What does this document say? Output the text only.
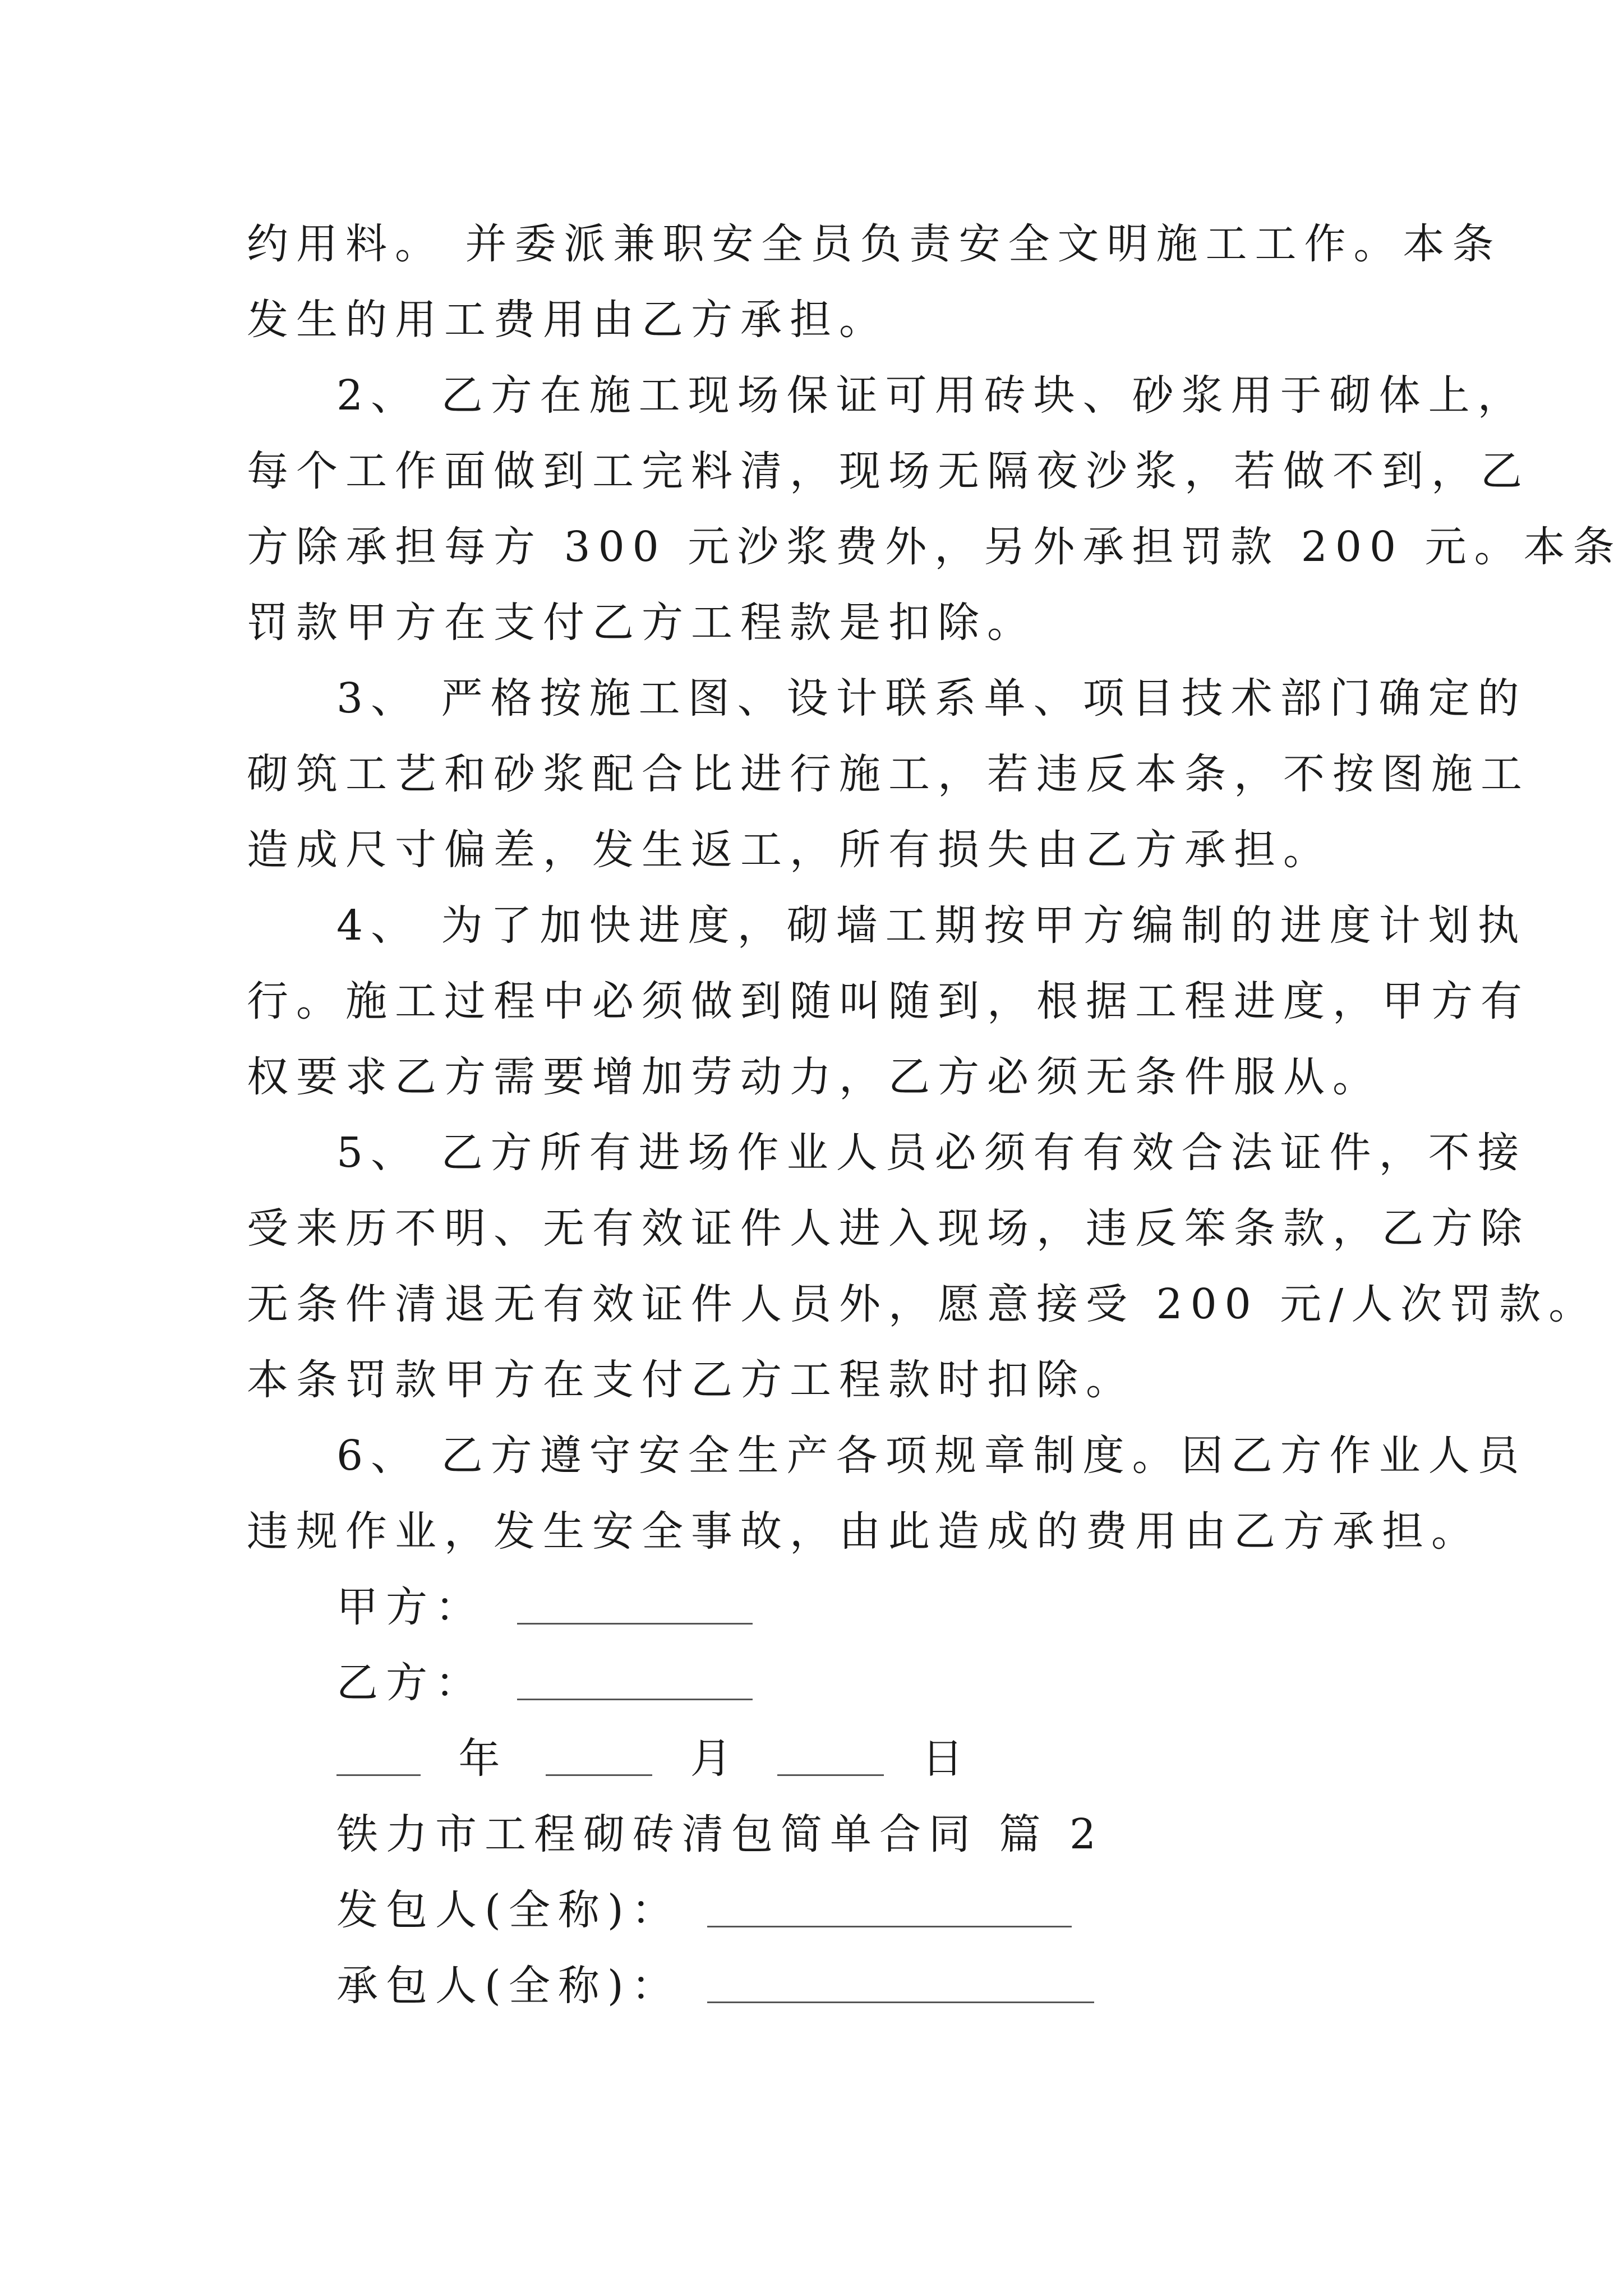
约用料。 并委派兼职安全员负责安全文明施工工作。本条

发生的用工费用由乙方承担。

2、 乙方在施工现场保证可用砖块、砂浆用于砌体上，

每个工作面做到工完料清，现场无隔夜沙浆，若做不到，乙

方除承担每方 300 元沙浆费外，另外承担罚款 200 元。本条

罚款甲方在支付乙方工程款是扣除。

3、 严格按施工图、设计联系单、项目技术部门确定的

砌筑工艺和砂浆配合比进行施工，若违反本条，不按图施工

造成尺寸偏差，发生返工，所有损失由乙方承担。

4、 为了加快进度，砌墙工期按甲方编制的进度计划执

行。施工过程中必须做到随叫随到，根据工程进度，甲方有

权要求乙方需要增加劳动力，乙方必须无条件服从。

5、 乙方所有进场作业人员必须有有效合法证件，不接

受来历不明、无有效证件人进入现场，违反笨条款，乙方除

无条件清退无有效证件人员外，愿意接受 200 元/人次罚款。

本条罚款甲方在支付乙方工程款时扣除。

6、 乙方遵守安全生产各项规章制度。因乙方作业人员

违规作业，发生安全事故，由此造成的费用由乙方承担。

甲方：
乙方：
年	月	日

铁力市工程砌砖清包简单合同 篇 2

发包人(全称)：
承包人(全称)：
